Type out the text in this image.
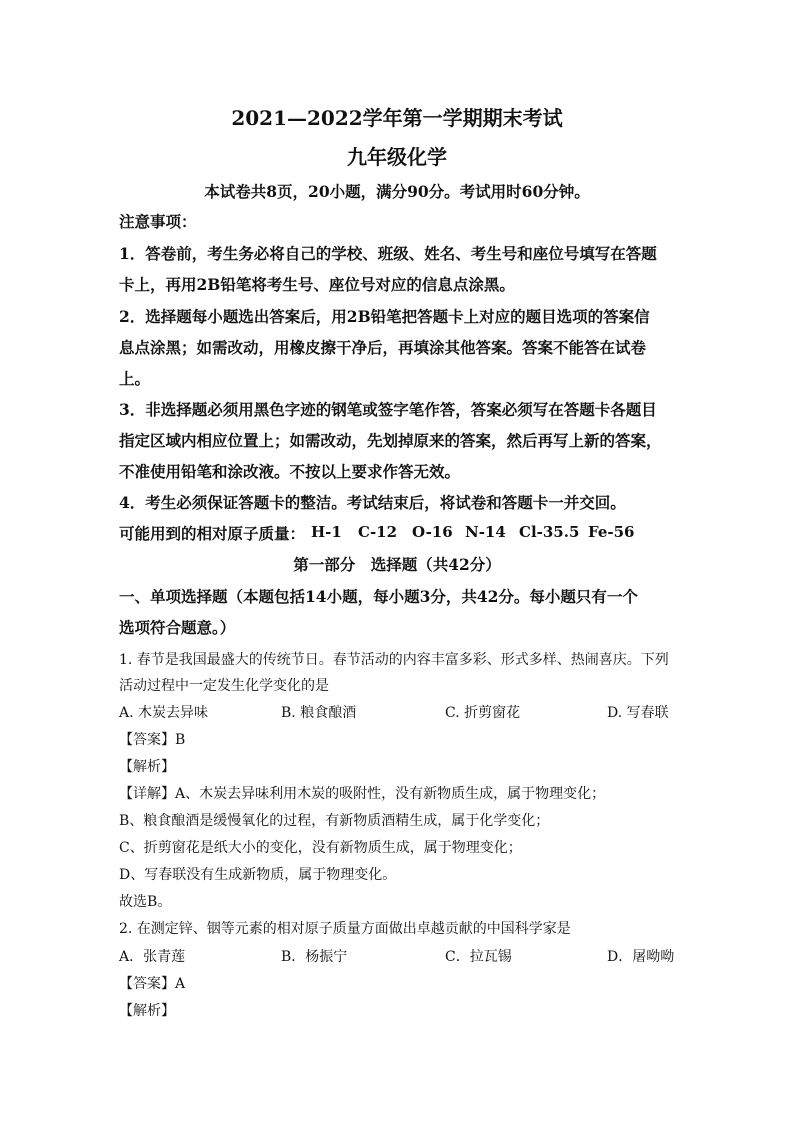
2021—2022学年第一学期期末考试
九年级化学
本试卷共8页，20小题，满分90分。考试用时60分钟。
注意事项：
1．答卷前，考生务必将自己的学校、班级、姓名、考生号和座位号填写在答题
卡上，再用2B铅笔将考生号、座位号对应的信息点涂黑。
2．选择题每小题选出答案后，用2B铅笔把答题卡上对应的题目选项的答案信
息点涂黑；如需改动，用橡皮擦干净后，再填涂其他答案。答案不能答在试卷
上。
3．非选择题必须用黑色字迹的钢笔或签字笔作答，答案必须写在答题卡各题目
指定区域内相应位置上；如需改动，先划掉原来的答案，然后再写上新的答案，
不准使用铅笔和涂改液。不按以上要求作答无效。
4．考生必须保证答题卡的整洁。考试结束后，将试卷和答题卡一并交回。
可能用到的相对原子质量： H-1 C-12 O-16 N-14 Cl-35.5 Fe-56
第一部分　选择题（共42分）
一、单项选择题（本题包括14小题，每小题3分，共42分。每小题只有一个
选项符合题意。）
1. 春节是我国最盛大的传统节日。春节活动的内容丰富多彩、形式多样、热闹喜庆。下列
活动过程中一定发生化学变化的是
A. 木炭去异味	B. 粮食酿酒	C. 折剪窗花	D. 写春联
【答案】B
【解析】
【详解】A、木炭去异味利用木炭的吸附性，没有新物质生成，属于物理变化；
B、粮食酿酒是缓慢氧化的过程，有新物质酒精生成，属于化学变化；
C、折剪窗花是纸大小的变化，没有新物质生成，属于物理变化；
D、写春联没有生成新物质，属于物理变化。
故选B。
2. 在测定锌、铟等元素的相对原子质量方面做出卓越贡献的中国科学家是
A．张青莲	B．杨振宁	C．拉瓦锡	D．屠呦呦
【答案】A
【解析】
